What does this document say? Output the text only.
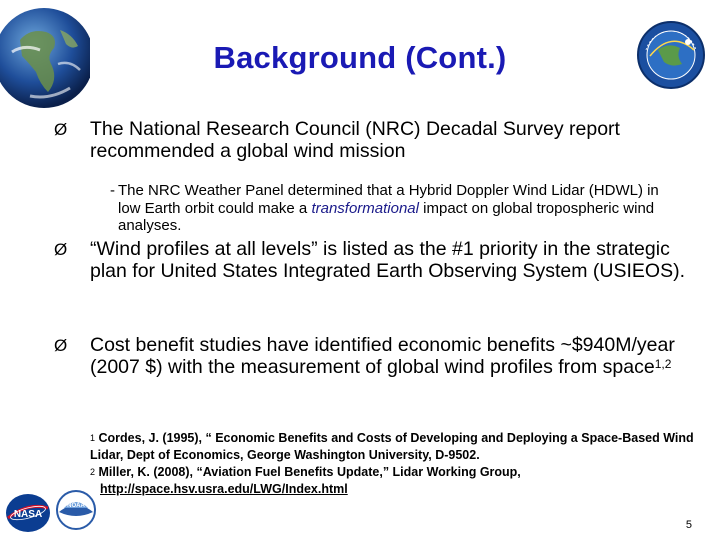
Background (Cont.)
Ø The National Research Council (NRC) Decadal Survey report recommended a global wind mission
- The NRC Weather Panel determined that a Hybrid Doppler Wind Lidar (HDWL) in low Earth orbit could make a transformational impact on global tropospheric wind analyses.
Ø “Wind profiles at all levels” is listed as the #1 priority in the strategic plan for United States Integrated Earth Observing System (USIEOS).
Ø Cost benefit studies have identified economic benefits ~$940M/year (2007 $) with the measurement of global wind profiles from space$^{1,2}$
$^1$ Cordes, J. (1995), “ Economic Benefits and Costs of Developing and Deploying a Space-Based Wind Lidar, Dept of Economics, George Washington University, D-9502.
$^2$ Miller, K. (2008), “Aviation Fuel Benefits Update,” Lidar Working Group,
http://space.hsv.usra.edu/LWG/Index.html
NASA
NOAA
5
